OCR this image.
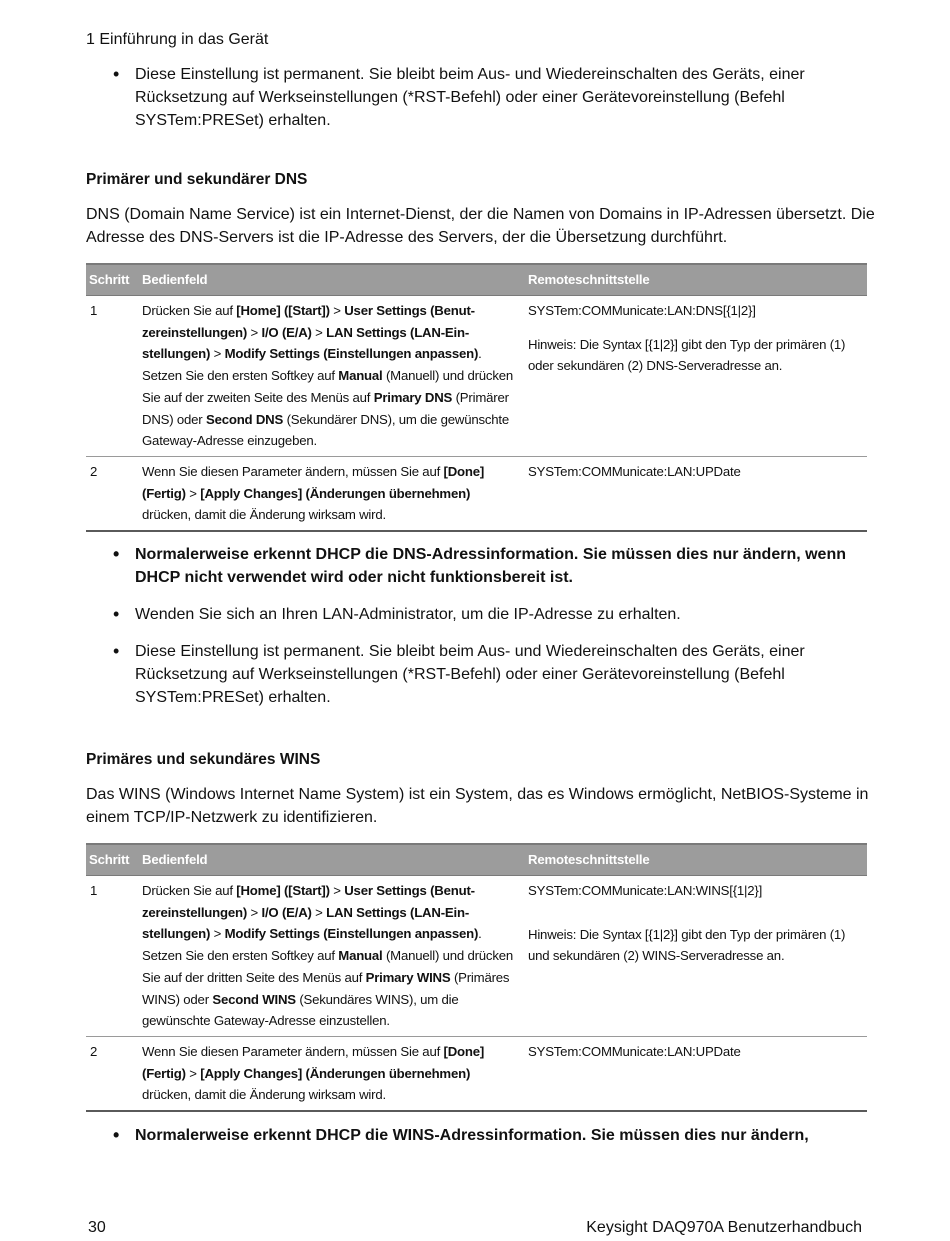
1 Einführung in das Gerät
• Diese Einstellung ist permanent. Sie bleibt beim Aus- und Wiedereinschalten des Geräts, einer Rücksetzung auf Werkseinstellungen (*RST-Befehl) oder einer Gerätevoreinstellung (Befehl SYSTem:PRESet) erhalten.
Primärer und sekundärer DNS
DNS (Domain Name Service) ist ein Internet-Dienst, der die Namen von Domains in IP-Adressen übersetzt. Die Adresse des DNS-Servers ist die IP-Adresse des Servers, der die Übersetzung durchführt.
Schritt	Bedienfeld	Remoteschnittstelle
1	Drücken Sie auf [Home] ([Start]) > User Settings (Benutzereinstellungen) > I/O (E/A) > LAN Settings (LAN-Einstellungen) > Modify Settings (Einstellungen anpassen). Setzen Sie den ersten Softkey auf Manual (Manuell) und drücken Sie auf der zweiten Seite des Menüs auf Primary DNS (Primärer DNS) oder Second DNS (Sekundärer DNS), um die gewünschte Gateway-Adresse einzugeben.	SYSTem:COMMunicate:LAN:DNS[{1|2}]
Hinweis: Die Syntax [{1|2}] gibt den Typ der primären (1) oder sekundären (2) DNS-Serveradresse an.

2	Wenn Sie diesen Parameter ändern, müssen Sie auf [Done] (Fertig) > [Apply Changes] (Änderungen übernehmen) drücken, damit die Änderung wirksam wird.	SYSTem:COMMunicate:LAN:UPDate
• Normalerweise erkennt DHCP die DNS-Adressinformation. Sie müssen dies nur ändern, wenn DHCP nicht verwendet wird oder nicht funktionsbereit ist.
• Wenden Sie sich an Ihren LAN-Administrator, um die IP-Adresse zu erhalten.
• Diese Einstellung ist permanent. Sie bleibt beim Aus- und Wiedereinschalten des Geräts, einer Rücksetzung auf Werkseinstellungen (*RST-Befehl) oder einer Gerätevoreinstellung (Befehl SYSTem:PRESet) erhalten.
Primäres und sekundäres WINS
Das WINS (Windows Internet Name System) ist ein System, das es Windows ermöglicht, NetBIOS-Systeme in einem TCP/IP-Netzwerk zu identifizieren.
Schritt	Bedienfeld	Remoteschnittstelle
1	Drücken Sie auf [Home] ([Start]) > User Settings (Benutzereinstellungen) > I/O (E/A) > LAN Settings (LAN-Einstellungen) > Modify Settings (Einstellungen anpassen). Setzen Sie den ersten Softkey auf Manual (Manuell) und drücken Sie auf der dritten Seite des Menüs auf Primary WINS (Primäres WINS) oder Second WINS (Sekundäres WINS), um die gewünschte Gateway-Adresse einzustellen.	SYSTem:COMMunicate:LAN:WINS[{1|2}]
Hinweis: Die Syntax [{1|2}] gibt den Typ der primären (1) und sekundären (2) WINS-Serveradresse an.

2	Wenn Sie diesen Parameter ändern, müssen Sie auf [Done] (Fertig) > [Apply Changes] (Änderungen übernehmen) drücken, damit die Änderung wirksam wird.	SYSTem:COMMunicate:LAN:UPDate
• Normalerweise erkennt DHCP die WINS-Adressinformation. Sie müssen dies nur ändern,
30	Keysight DAQ970A Benutzerhandbuch
